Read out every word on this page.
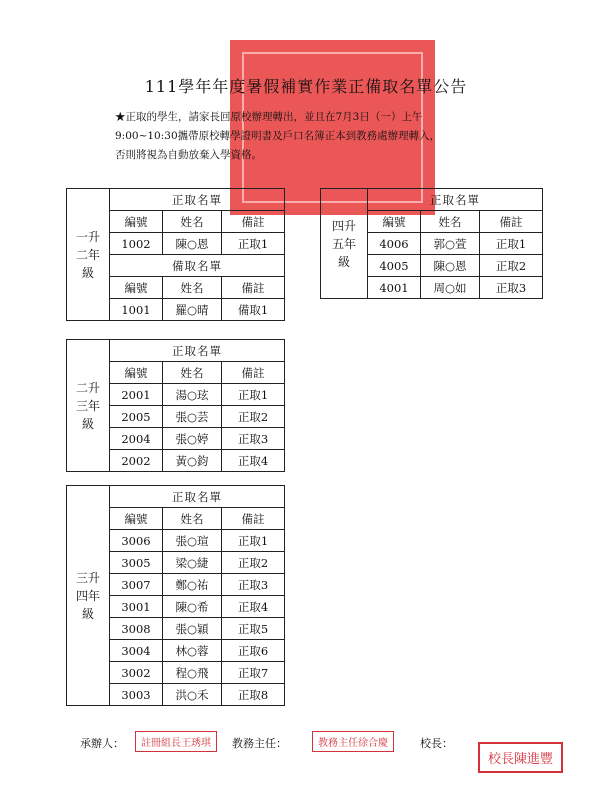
111學年年度暑假補實作業正備取名單公告
★正取的學生，請家長回原校辦理轉出，並且在7月3日（一）上午
9:00~10:30攜帶原校轉學證明書及戶口名簿正本到教務處辦理轉入，
否則將視為自動放棄入學資格。
一升
二年
級	正取名單		
	編號	姓名	備註
	1002	陳○恩	正取1
	備取名單		
	編號	姓名	備註
	1001	羅○晴	備取1
四升
五年
級	正取名單		
	編號	姓名	備註
	4006	郭○萱	正取1
	4005	陳○恩	正取2
	4001	周○如	正取3
二升
三年
級	正取名單		
	編號	姓名	備註
	2001	湯○玹	正取1
	2005	張○芸	正取2
	2004	張○婷	正取3
	2002	黃○鈞	正取4
三升
四年
級	正取名單		
	編號	姓名	備註
	3006	張○瑄	正取1
	3005	梁○緁	正取2
	3007	鄭○祐	正取3
	3001	陳○希	正取4
	3008	張○穎	正取5
	3004	林○蓉	正取6
	3002	程○飛	正取7
	3003	洪○禾	正取8
承辦人：	註冊組長王琇琪	教務主任：	教務主任徐合慶	校長：
校長陳進豐
